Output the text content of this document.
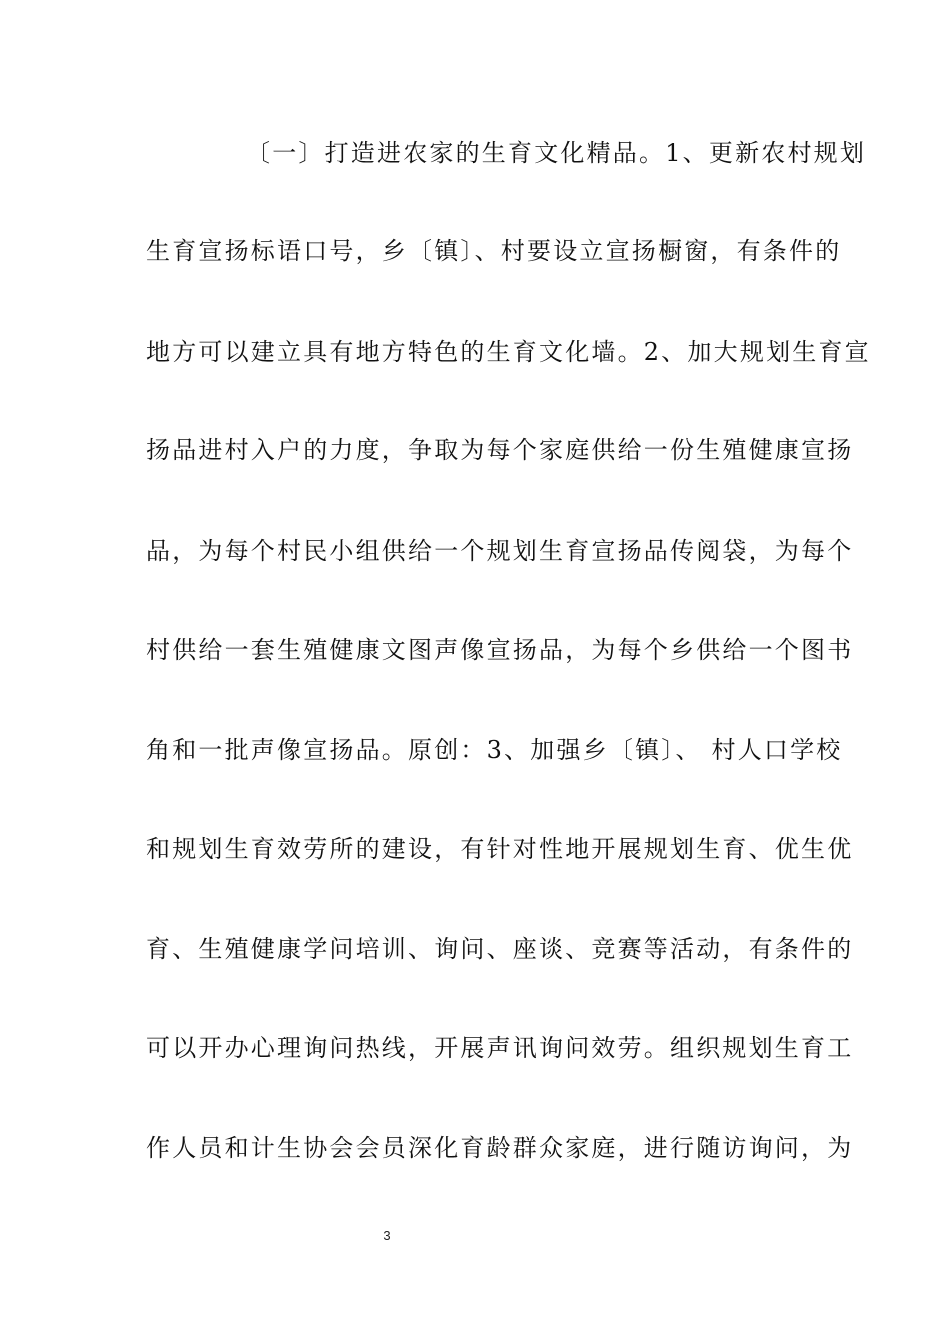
〔一〕打造进农家的生育文化精品。1、更新农村规划
生育宣扬标语口号，乡〔镇〕、村要设立宣扬橱窗，有条件的
地方可以建立具有地方特色的生育文化墙。2、加大规划生育宣
扬品进村入户的力度，争取为每个家庭供给一份生殖健康宣扬
品，为每个村民小组供给一个规划生育宣扬品传阅袋，为每个
村供给一套生殖健康文图声像宣扬品，为每个乡供给一个图书
角和一批声像宣扬品。原创：3、加强乡〔镇〕、 村人口学校
和规划生育效劳所的建设，有针对性地开展规划生育、优生优
育、生殖健康学问培训、询问、座谈、竞赛等活动，有条件的
可以开办心理询问热线，开展声讯询问效劳。组织规划生育工
作人员和计生协会会员深化育龄群众家庭，进行随访询问，为
3
